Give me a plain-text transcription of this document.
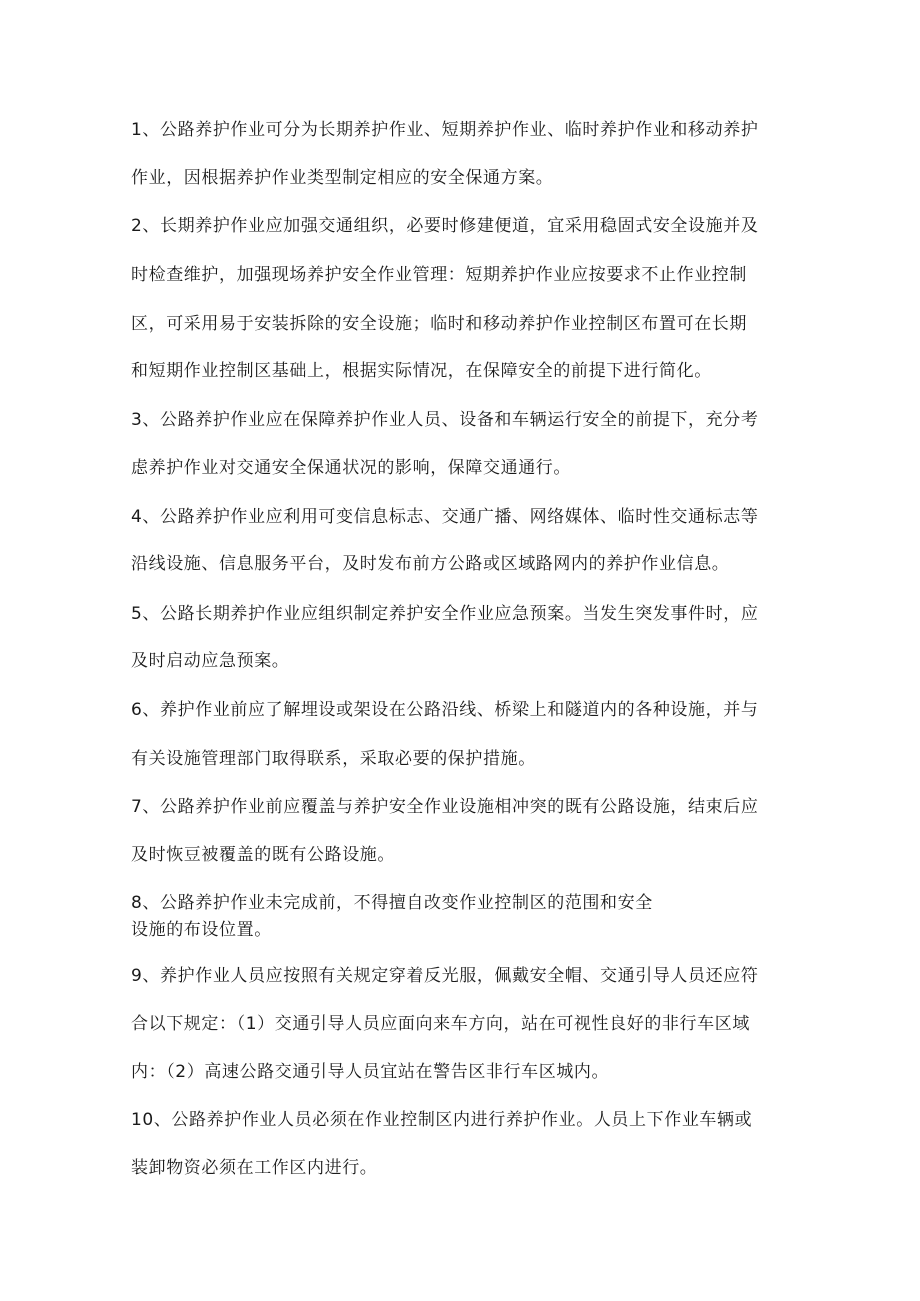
1、公路养护作业可分为长期养护作业、短期养护作业、临时养护作业和移动养护
作业，因根据养护作业类型制定相应的安全保通方案。
2、长期养护作业应加强交通组织，必要时修建便道，宜采用稳固式安全设施并及
时检查维护，加强现场养护安全作业管理：短期养护作业应按要求不止作业控制
区，可采用易于安装拆除的安全设施；临时和移动养护作业控制区布置可在长期
和短期作业控制区基础上，根据实际情况，在保障安全的前提下进行简化。
3、公路养护作业应在保障养护作业人员、设备和车辆运行安全的前提下，充分考
虑养护作业对交通安全保通状况的影响，保障交通通行。
4、公路养护作业应利用可变信息标志、交通广播、网络媒体、临时性交通标志等
沿线设施、信息服务平台，及时发布前方公路或区域路网内的养护作业信息。
5、公路长期养护作业应组织制定养护安全作业应急预案。当发生突发事件时，应
及时启动应急预案。
6、养护作业前应了解埋设或架设在公路沿线、桥梁上和隧道内的各种设施，并与
有关设施管理部门取得联系，采取必要的保护措施。
7、公路养护作业前应覆盖与养护安全作业设施相冲突的既有公路设施，结束后应
及时恢豆被覆盖的既有公路设施。
8、公路养护作业未完成前，不得擅自改变作业控制区的范围和安全
设施的布设位置。
9、养护作业人员应按照有关规定穿着反光服，佩戴安全帽、交通引导人员还应符
合以下规定：（1）交通引导人员应面向来车方向，站在可视性良好的非行车区域
内：（2）高速公路交通引导人员宜站在警告区非行车区城内。
10、公路养护作业人员必须在作业控制区内进行养护作业。人员上下作业车辆或
装卸物资必须在工作区内进行。
